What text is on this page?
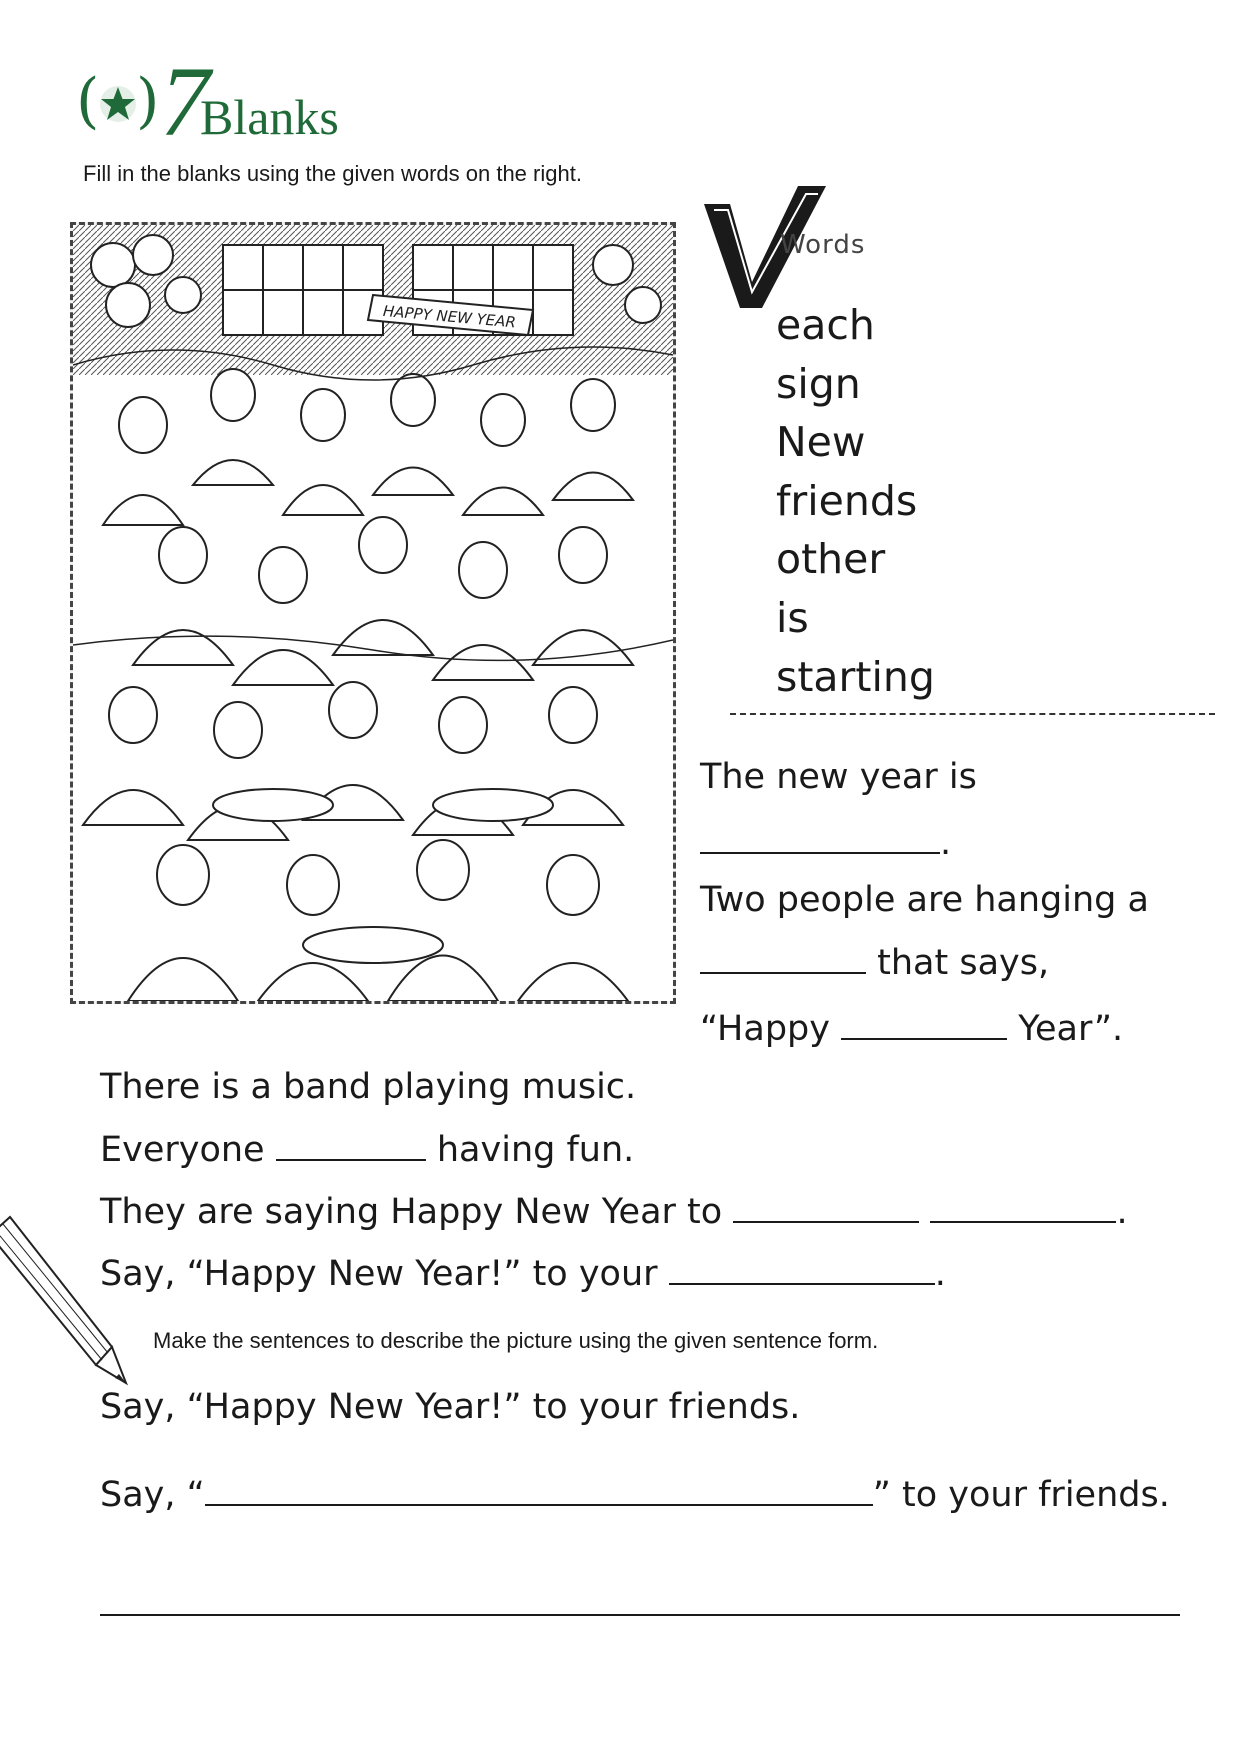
( ) 7
Blanks
Fill in the blanks using the given words on the right.
HAPPY NEW YEAR
Words
each
sign
New
friends
other
is
starting
The new year is
.
Two people are hanging a
that says,
“Happy	Year”.
There is a band playing music.
Everyone	having fun.
They are saying Happy New Year to	.
Say, “Happy New Year!” to your	.
Make the sentences to describe the picture using the given sentence form.
Say, “Happy New Year!” to your friends.
Say, “	” to your friends.
